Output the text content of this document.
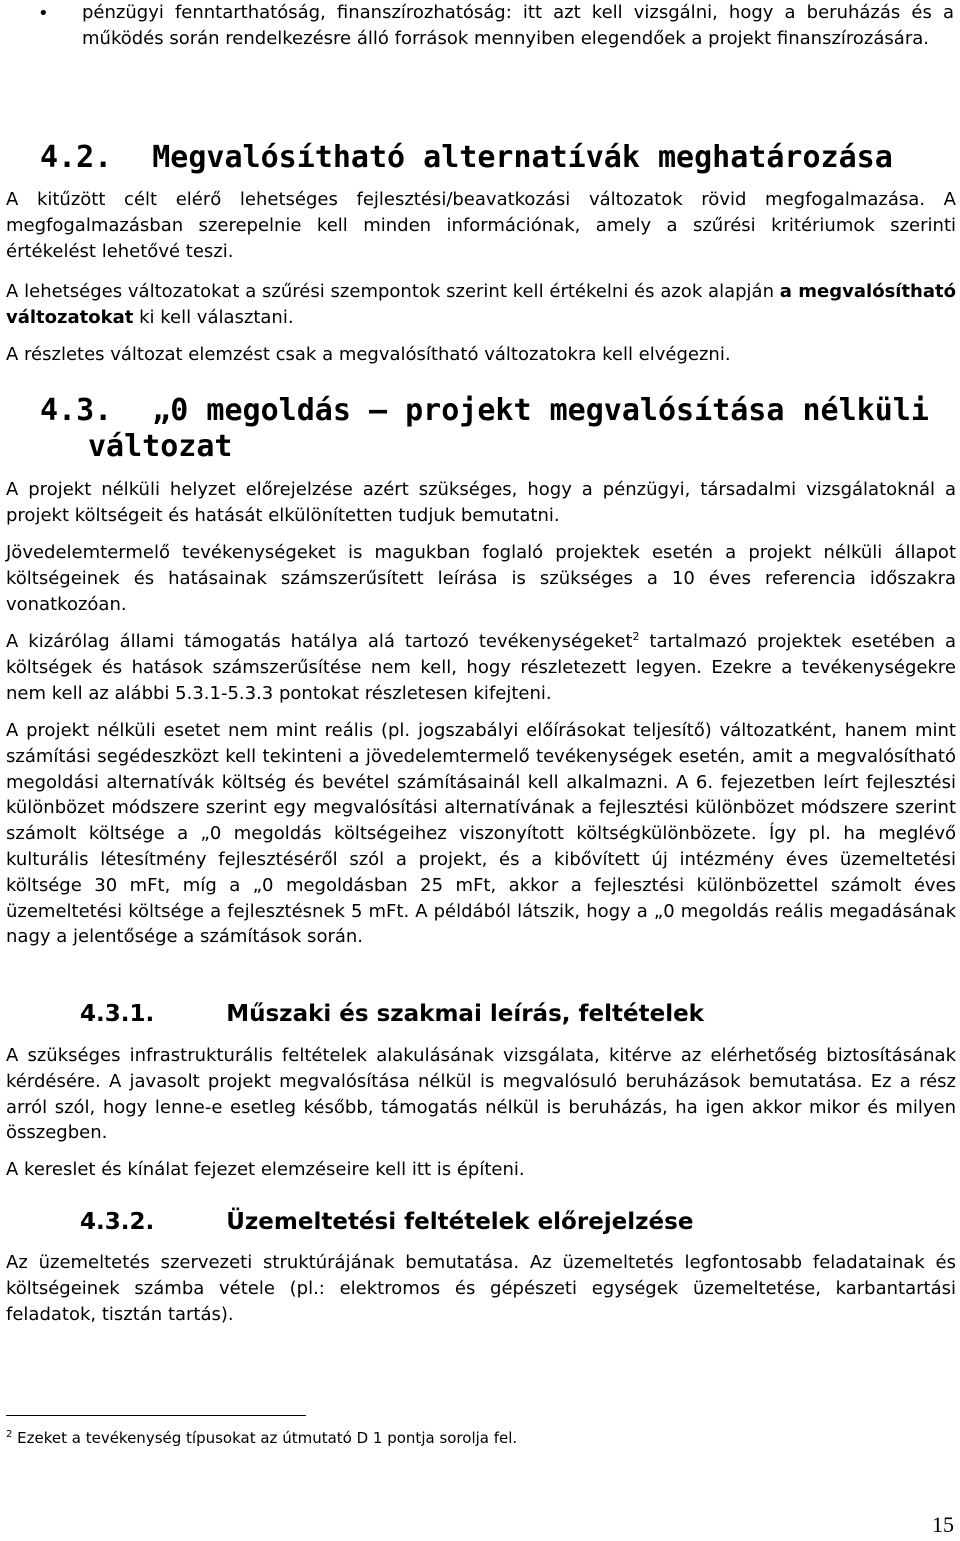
• pénzügyi fenntarthatóság, finanszírozhatóság: itt azt kell vizsgálni, hogy a beruházás és a működés során rendelkezésre álló források mennyiben elegendőek a projekt finanszírozására.

4.2. Megvalósítható alternatívák meghatározása

A kitűzött célt elérő lehetséges fejlesztési/beavatkozási változatok rövid megfogalmazása. A megfogalmazásban szerepelnie kell minden információnak, amely a szűrési kritériumok szerinti értékelést lehetővé teszi.

A lehetséges változatokat a szűrési szempontok szerint kell értékelni és azok alapján a megvalósítható változatokat ki kell választani.

A részletes változat elemzést csak a megvalósítható változatokra kell elvégezni.

4.3. „0 megoldás – projekt megvalósítása nélküli
változat

A projekt nélküli helyzet előrejelzése azért szükséges, hogy a pénzügyi, társadalmi vizsgálatoknál a projekt költségeit és hatását elkülönítetten tudjuk bemutatni.

Jövedelemtermelő tevékenységeket is magukban foglaló projektek esetén a projekt nélküli állapot költségeinek és hatásainak számszerűsített leírása is szükséges a 10 éves referencia időszakra vonatkozóan.

A kizárólag állami támogatás hatálya alá tartozó tevékenységeket$^2$ tartalmazó projektek esetében a költségek és hatások számszerűsítése nem kell, hogy részletezett legyen. Ezekre a tevékenységekre nem kell az alábbi 5.3.1-5.3.3 pontokat részletesen kifejteni.

A projekt nélküli esetet nem mint reális (pl. jogszabályi előírásokat teljesítő) változatként, hanem mint számítási segédeszközt kell tekinteni a jövedelemtermelő tevékenységek esetén, amit a megvalósítható megoldási alternatívák költség és bevétel számításainál kell alkalmazni. A 6. fejezetben leírt fejlesztési különbözet módszere szerint egy megvalósítási alternatívának a fejlesztési különbözet módszere szerint számolt költsége a „0 megoldás költségeihez viszonyított költségkülönbözete. Így pl. ha meglévő kulturális létesítmény fejlesztéséről szól a projekt, és a kibővített új intézmény éves üzemeltetési költsége 30 mFt, míg a „0 megoldásban 25 mFt, akkor a fejlesztési különbözettel számolt éves üzemeltetési költsége a fejlesztésnek 5 mFt. A példából látszik, hogy a „0 megoldás reális megadásának nagy a jelentősége a számítások során.

4.3.1.	Műszaki és szakmai leírás, feltételek

A szükséges infrastrukturális feltételek alakulásának vizsgálata, kitérve az elérhetőség biztosításának kérdésére. A javasolt projekt megvalósítása nélkül is megvalósuló beruházások bemutatása. Ez a rész arról szól, hogy lenne-e esetleg később, támogatás nélkül is beruházás, ha igen akkor mikor és milyen összegben.

A kereslet és kínálat fejezet elemzéseire kell itt is építeni.

4.3.2.	Üzemeltetési feltételek előrejelzése

Az üzemeltetés szervezeti struktúrájának bemutatása. Az üzemeltetés legfontosabb feladatainak és költségeinek számba vétele (pl.: elektromos és gépészeti egységek üzemeltetése, karbantartási feladatok, tisztán tartás).

$^2$ Ezeket a tevékenység típusokat az útmutató D 1 pontja sorolja fel.
15
